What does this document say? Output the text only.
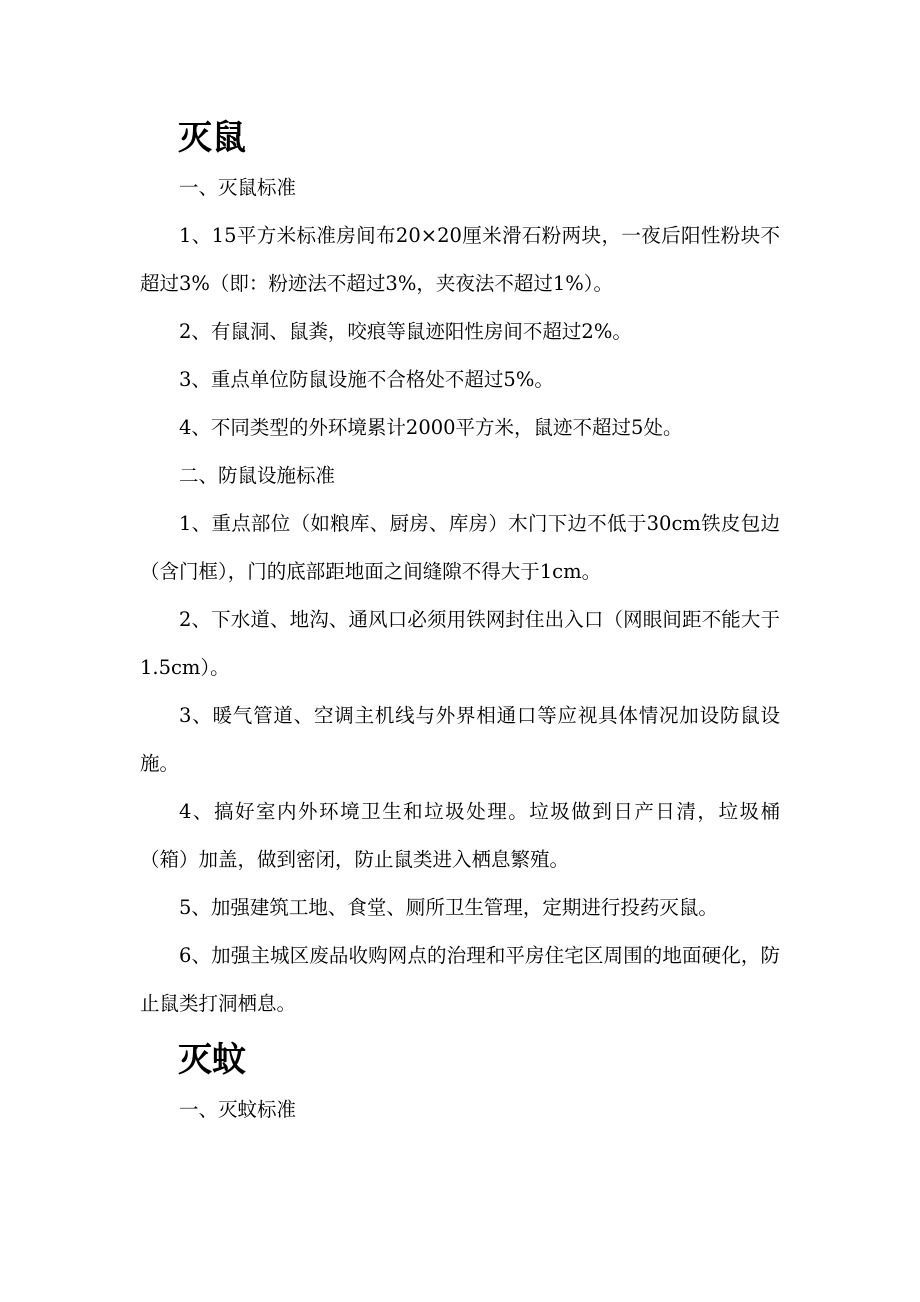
灭鼠

一、灭鼠标准

1、15平方米标准房间布20×20厘米滑石粉两块，一夜后阳性粉块不超过3%（即：粉迹法不超过3%，夹夜法不超过1%）。

2、有鼠洞、鼠粪，咬痕等鼠迹阳性房间不超过2%。

3、重点单位防鼠设施不合格处不超过5%。

4、不同类型的外环境累计2000平方米，鼠迹不超过5处。

二、防鼠设施标准

1、重点部位（如粮库、厨房、库房）木门下边不低于30cm铁皮包边（含门框），门的底部距地面之间缝隙不得大于1cm。

2、下水道、地沟、通风口必须用铁网封住出入口（网眼间距不能大于1.5cm）。

3、暖气管道、空调主机线与外界相通口等应视具体情况加设防鼠设施。

4、搞好室内外环境卫生和垃圾处理。垃圾做到日产日清，垃圾桶（箱）加盖，做到密闭，防止鼠类进入栖息繁殖。

5、加强建筑工地、食堂、厕所卫生管理，定期进行投药灭鼠。

6、加强主城区废品收购网点的治理和平房住宅区周围的地面硬化，防止鼠类打洞栖息。

灭蚊

一、灭蚊标准
